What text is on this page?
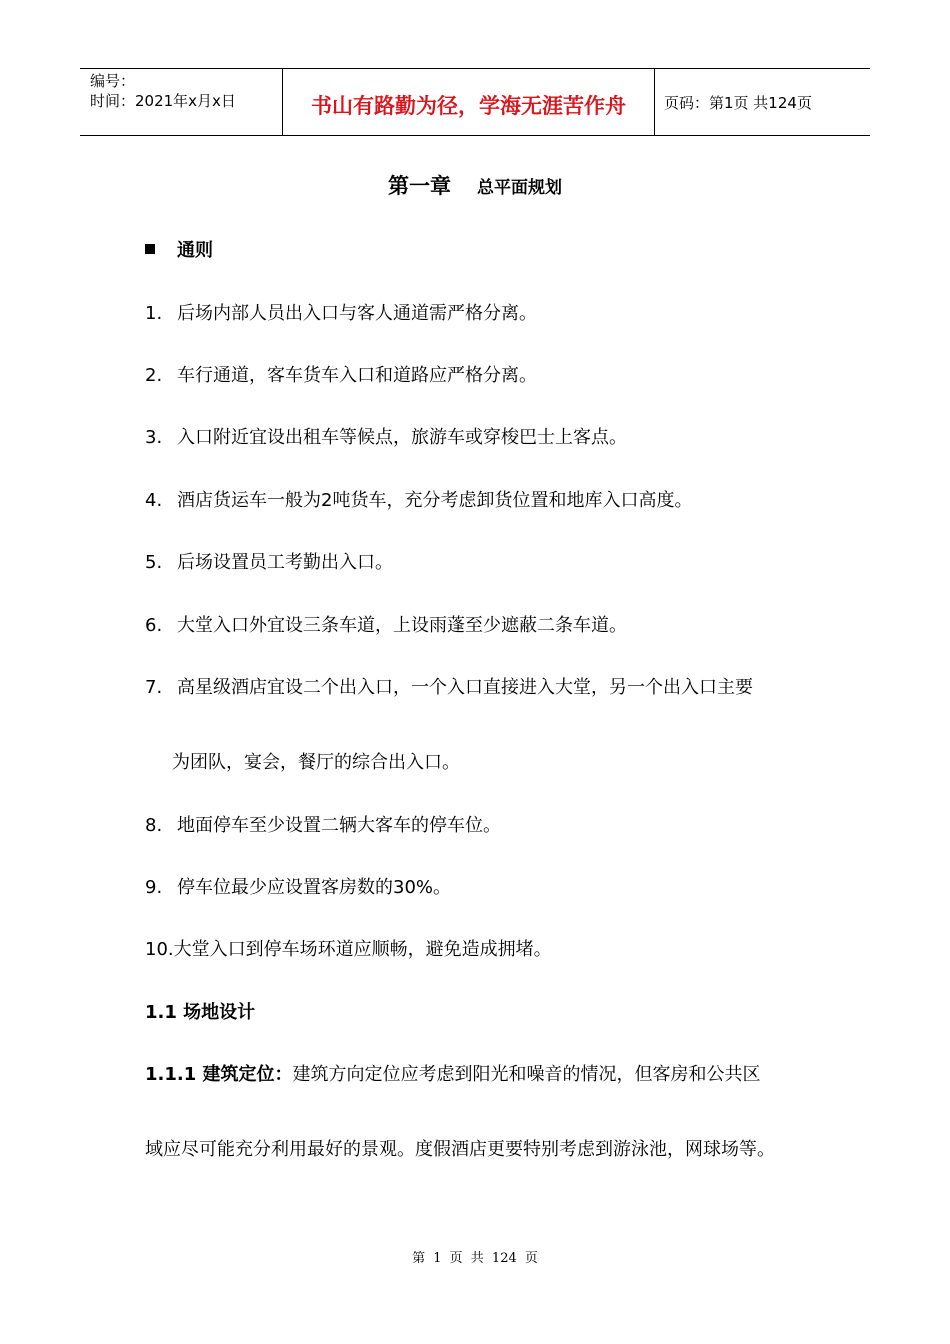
编号：
时间：2021年x月x日	书山有路勤为径，学海无涯苦作舟	页码：第1页 共124页
第一章 总平面规划
通则
1. 后场内部人员出入口与客人通道需严格分离。
2. 车行通道，客车货车入口和道路应严格分离。
3. 入口附近宜设出租车等候点，旅游车或穿梭巴士上客点。
4. 酒店货运车一般为2吨货车，充分考虑卸货位置和地库入口高度。
5. 后场设置员工考勤出入口。
6. 大堂入口外宜设三条车道，上设雨蓬至少遮蔽二条车道。
7. 高星级酒店宜设二个出入口，一个入口直接进入大堂，另一个出入口主要
为团队，宴会，餐厅的综合出入口。
8. 地面停车至少设置二辆大客车的停车位。
9. 停车位最少应设置客房数的30%。
10.大堂入口到停车场环道应顺畅，避免造成拥堵。
1.1 场地设计
1.1.1 建筑定位：建筑方向定位应考虑到阳光和噪音的情况，但客房和公共区
域应尽可能充分利用最好的景观。度假酒店更要特别考虑到游泳池，网球场等。
第 1 页 共 124 页
